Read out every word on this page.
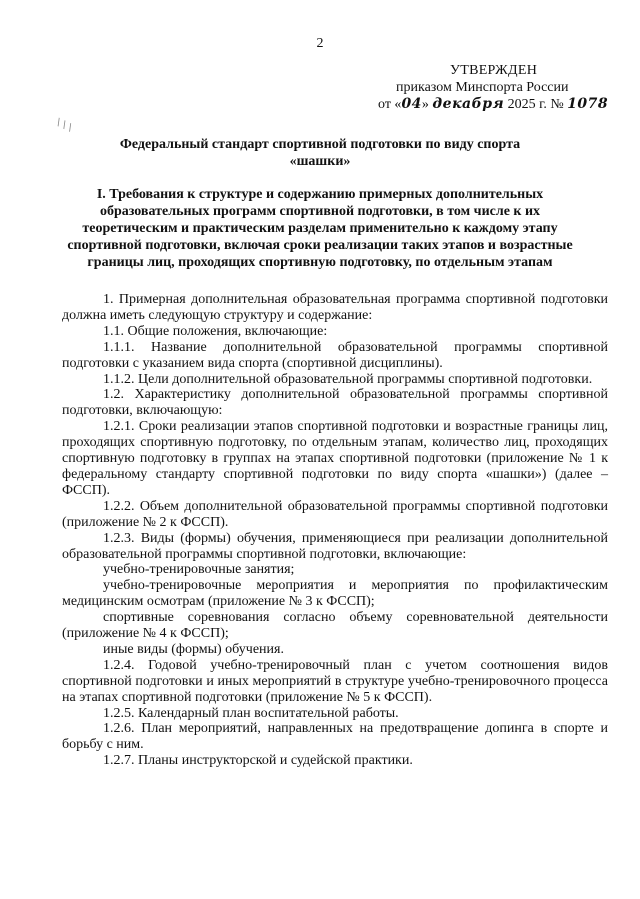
2
УТВЕРЖДЕН
приказом Минспорта России
от «04» декабря 2025 г. № 1078
∖∖∖
Федеральный стандарт спортивной подготовки по виду спорта
«шашки»
I. Требования к структуре и содержанию примерных дополнительных образовательных программ спортивной подготовки, в том числе к их теоретическим и практическим разделам применительно к каждому этапу спортивной подготовки, включая сроки реализации таких этапов и возрастные границы лиц, проходящих спортивную подготовку, по отдельным этапам

1. Примерная дополнительная образовательная программа спортивной подготовки должна иметь следующую структуру и содержание:

1.1. Общие положения, включающие:

1.1.1. Название дополнительной образовательной программы спортивной подготовки с указанием вида спорта (спортивной дисциплины).

1.1.2. Цели дополнительной образовательной программы спортивной подготовки.

1.2. Характеристику дополнительной образовательной программы спортивной подготовки, включающую:

1.2.1. Сроки реализации этапов спортивной подготовки и возрастные границы лиц, проходящих спортивную подготовку, по отдельным этапам, количество лиц, проходящих спортивную подготовку в группах на этапах спортивной подготовки (приложение № 1 к федеральному стандарту спортивной подготовки по виду спорта «шашки») (далее – ФССП).

1.2.2. Объем дополнительной образовательной программы спортивной подготовки (приложение № 2 к ФССП).

1.2.3. Виды (формы) обучения, применяющиеся при реализации дополнительной образовательной программы спортивной подготовки, включающие:

учебно-тренировочные занятия;

учебно-тренировочные мероприятия и мероприятия по профилактическим медицинским осмотрам (приложение № 3 к ФССП);

спортивные соревнования согласно объему соревновательной деятельности (приложение № 4 к ФССП);

иные виды (формы) обучения.

1.2.4. Годовой учебно-тренировочный план с учетом соотношения видов спортивной подготовки и иных мероприятий в структуре учебно-тренировочного процесса на этапах спортивной подготовки (приложение № 5 к ФССП).

1.2.5. Календарный план воспитательной работы.

1.2.6. План мероприятий, направленных на предотвращение допинга в спорте и борьбу с ним.

1.2.7. Планы инструкторской и судейской практики.
